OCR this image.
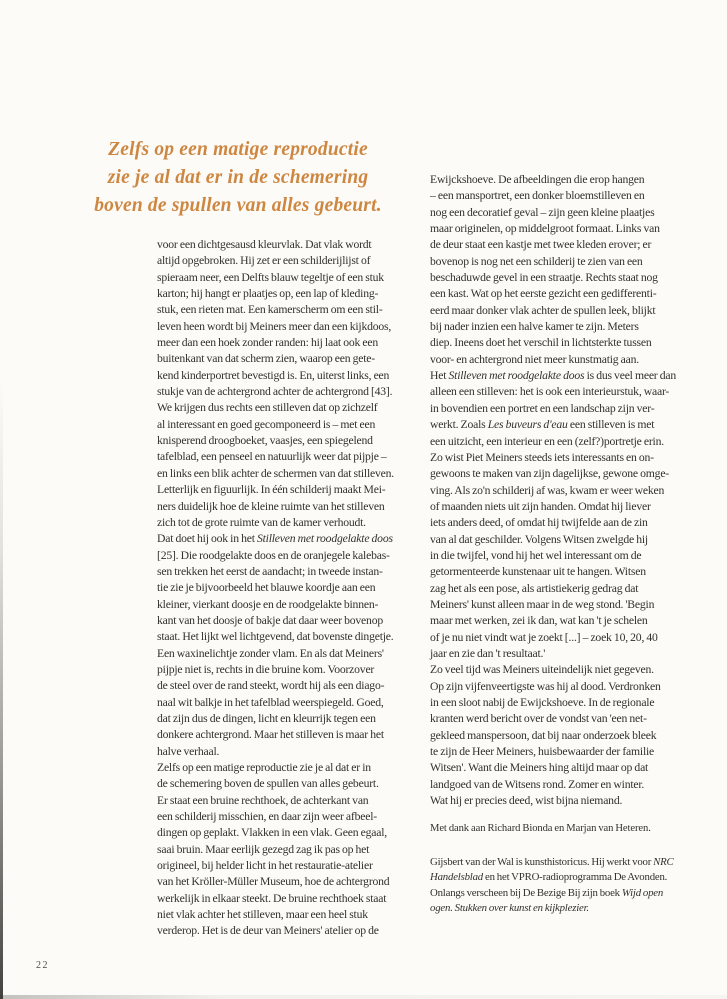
Zelfs op een matige reproductie
zie je al dat er in de schemering
boven de spullen van alles gebeurt.
voor een dichtgesausd kleurvlak. Dat vlak wordt
altijd opgebroken. Hij zet er een schilderijlijst of
spieraam neer, een Delfts blauw tegeltje of een stuk
karton; hij hangt er plaatjes op, een lap of kleding-
stuk, een rieten mat. Een kamerscherm om een stil-
leven heen wordt bij Meiners meer dan een kijkdoos,
meer dan een hoek zonder randen: hij laat ook een
buitenkant van dat scherm zien, waarop een gete-
kend kinderportret bevestigd is. En, uiterst links, een
stukje van de achtergrond achter de achtergrond [43].
We krijgen dus rechts een stilleven dat op zichzelf
al interessant en goed gecomponeerd is – met een
knisperend droogboeket, vaasjes, een spiegelend
tafelblad, een penseel en natuurlijk weer dat pijpje –
en links een blik achter de schermen van dat stilleven.
Letterlijk en figuurlijk. In één schilderij maakt Mei-
ners duidelijk hoe de kleine ruimte van het stilleven
zich tot de grote ruimte van de kamer verhoudt.
Dat doet hij ook in het Stilleven met roodgelakte doos
[25]. Die roodgelakte doos en de oranjegele kalebas-
sen trekken het eerst de aandacht; in tweede instan-
tie zie je bijvoorbeeld het blauwe koordje aan een
kleiner, vierkant doosje en de roodgelakte binnen-
kant van het doosje of bakje dat daar weer bovenop
staat. Het lijkt wel lichtgevend, dat bovenste dingetje.
Een waxinelichtje zonder vlam. En als dat Meiners'
pijpje niet is, rechts in die bruine kom. Voorzover
de steel over de rand steekt, wordt hij als een diago-
naal wit balkje in het tafelblad weerspiegeld. Goed,
dat zijn dus de dingen, licht en kleurrijk tegen een
donkere achtergrond. Maar het stilleven is maar het
halve verhaal.
Zelfs op een matige reproductie zie je al dat er in
de schemering boven de spullen van alles gebeurt.
Er staat een bruine rechthoek, de achterkant van
een schilderij misschien, en daar zijn weer afbeel-
dingen op geplakt. Vlakken in een vlak. Geen egaal,
saai bruin. Maar eerlijk gezegd zag ik pas op het
origineel, bij helder licht in het restauratie-atelier
van het Kröller-Müller Museum, hoe de achtergrond
werkelijk in elkaar steekt. De bruine rechthoek staat
niet vlak achter het stilleven, maar een heel stuk
verderop. Het is de deur van Meiners' atelier op de
Ewijckshoeve. De afbeeldingen die erop hangen
– een mansportret, een donker bloemstilleven en
nog een decoratief geval – zijn geen kleine plaatjes
maar originelen, op middelgroot formaat. Links van
de deur staat een kastje met twee kleden erover; er
bovenop is nog net een schilderij te zien van een
beschaduwde gevel in een straatje. Rechts staat nog
een kast. Wat op het eerste gezicht een gedifferenti-
eerd maar donker vlak achter de spullen leek, blijkt
bij nader inzien een halve kamer te zijn. Meters
diep. Ineens doet het verschil in lichtsterkte tussen
voor- en achtergrond niet meer kunstmatig aan.
Het Stilleven met roodgelakte doos is dus veel meer dan
alleen een stilleven: het is ook een interieurstuk, waar-
in bovendien een portret en een landschap zijn ver-
werkt. Zoals Les buveurs d'eau een stilleven is met
een uitzicht, een interieur en een (zelf?)portretje erin.
Zo wist Piet Meiners steeds iets interessants en on-
gewoons te maken van zijn dagelijkse, gewone omge-
ving. Als zo'n schilderij af was, kwam er weer weken
of maanden niets uit zijn handen. Omdat hij liever
iets anders deed, of omdat hij twijfelde aan de zin
van al dat geschilder. Volgens Witsen zwelgde hij
in die twijfel, vond hij het wel interessant om de
getormenteerde kunstenaar uit te hangen. Witsen
zag het als een pose, als artistiekerig gedrag dat
Meiners' kunst alleen maar in de weg stond. 'Begin
maar met werken, zei ik dan, wat kan 't je schelen
of je nu niet vindt wat je zoekt [...] – zoek 10, 20, 40
jaar en zie dan 't resultaat.'
Zo veel tijd was Meiners uiteindelijk niet gegeven.
Op zijn vijfenveertigste was hij al dood. Verdronken
in een sloot nabij de Ewijckshoeve. In de regionale
kranten werd bericht over de vondst van 'een net-
gekleed manspersoon, dat bij naar onderzoek bleek
te zijn de Heer Meiners, huisbewaarder der familie
Witsen'. Want die Meiners hing altijd maar op dat
landgoed van de Witsens rond. Zomer en winter.
Wat hij er precies deed, wist bijna niemand.
Met dank aan Richard Bionda en Marjan van Heteren.
Gijsbert van der Wal is kunsthistoricus. Hij werkt voor NRC
Handelsblad en het VPRO-radioprogramma De Avonden.
Onlangs verscheen bij De Bezige Bij zijn boek Wijd open
ogen. Stukken over kunst en kijkplezier.
22
